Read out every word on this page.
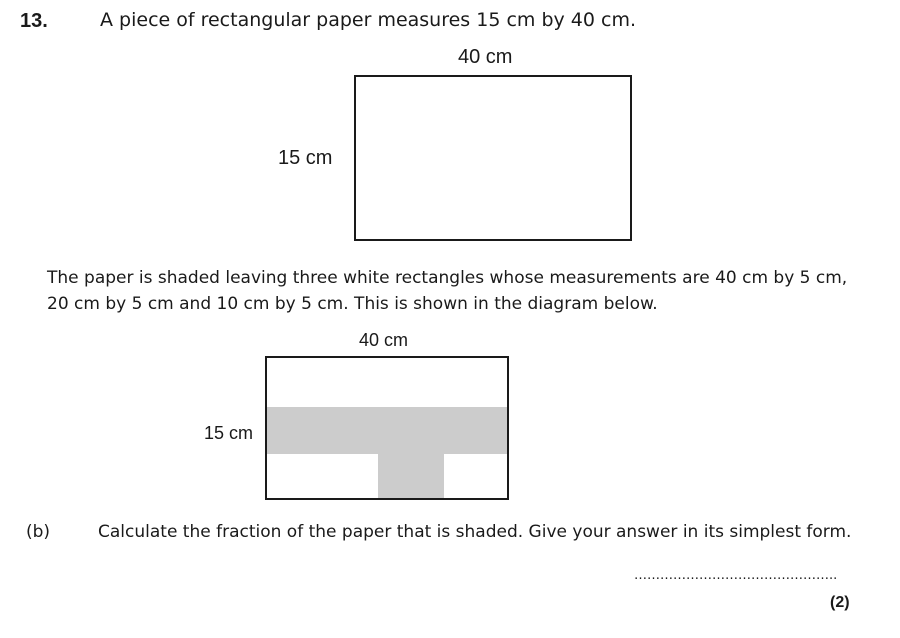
13.	A piece of rectangular paper measures 15 cm by 40 cm.
40 cm
15 cm
The paper is shaded leaving three white rectangles whose measurements are 40 cm by 5 cm,
20 cm by 5 cm and 10 cm by 5 cm. This is shown in the diagram below.
40 cm
15 cm
(b)	Calculate the fraction of the paper that is shaded. Give your answer in its simplest form.
………………………………………..
(2)
